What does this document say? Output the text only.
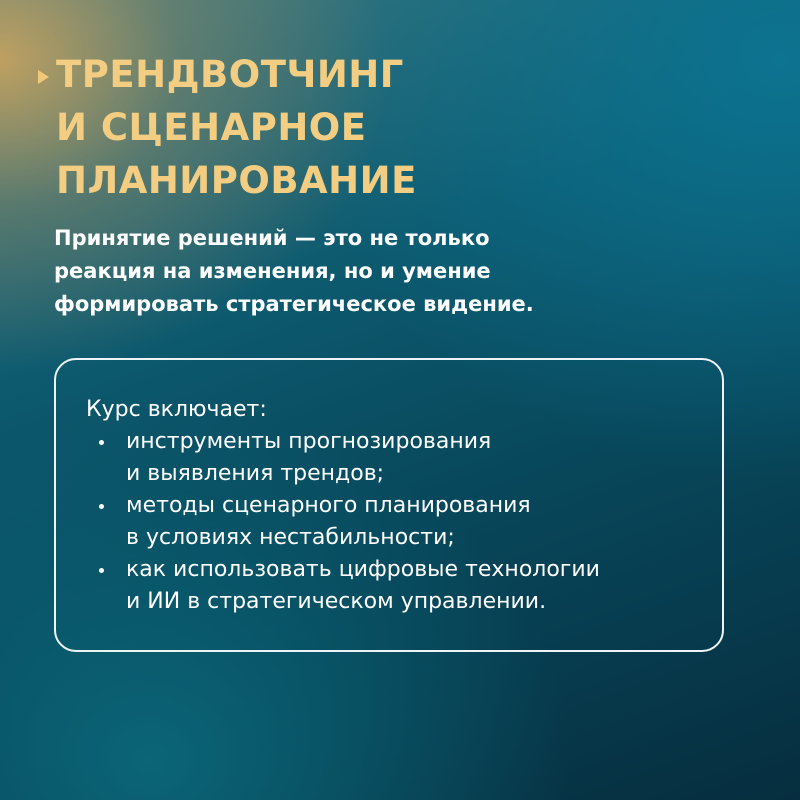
ТРЕНДВОТЧИНГ
И СЦЕНАРНОЕ
ПЛАНИРОВАНИЕ

Принятие решений — это не только
реакция на изменения, но и умение
формировать стратегическое видение.

Курс включает:

инструменты прогнозирования
и выявления трендов;
методы сценарного планирования
в условиях нестабильности;
как использовать цифровые технологии
и ИИ в стратегическом управлении.
